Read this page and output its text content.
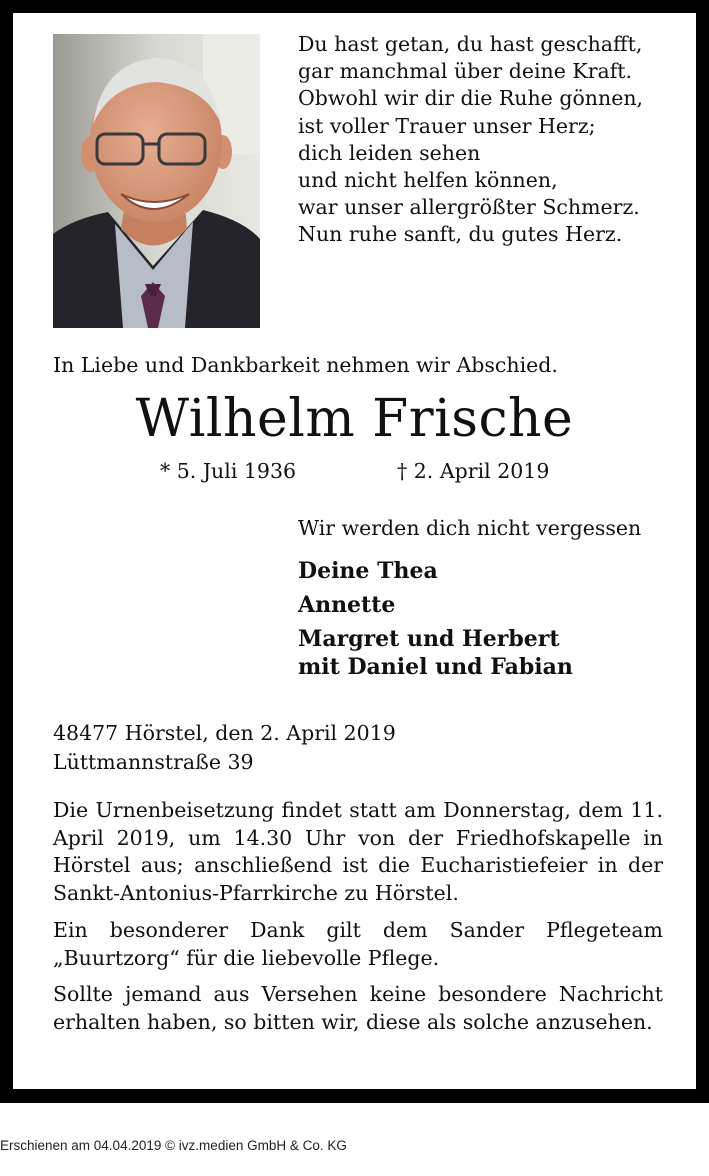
Du hast getan, du hast geschafft,
gar manchmal über deine Kraft.
Obwohl wir dir die Ruhe gönnen,
ist voller Trauer unser Herz;
dich leiden sehen
und nicht helfen können,
war unser allergrößter Schmerz.
Nun ruhe sanft, du gutes Herz.
In Liebe und Dankbarkeit nehmen wir Abschied.
Wilhelm Frische
* 5. Juli 1936	† 2. April 2019
Wir werden dich nicht vergessen
Deine Thea
Annette
Margret und Herbert
mit Daniel und Fabian
48477 Hörstel, den 2. April 2019
Lüttmannstraße 39

Die Urnenbeisetzung findet statt am Donnerstag, dem 11. April 2019, um 14.30 Uhr von der Friedhofskapelle in Hörstel aus; anschließend ist die Eucharistiefeier in der Sankt-Antonius-Pfarrkirche zu Hörstel.

Ein besonderer Dank gilt dem Sander Pflegeteam „Buurtzorg“ für die liebevolle Pflege.

Sollte jemand aus Versehen keine besondere Nachricht erhalten haben, so bitten wir, diese als solche anzusehen.

Erschienen am 04.04.2019 © ivz.medien GmbH & Co. KG
